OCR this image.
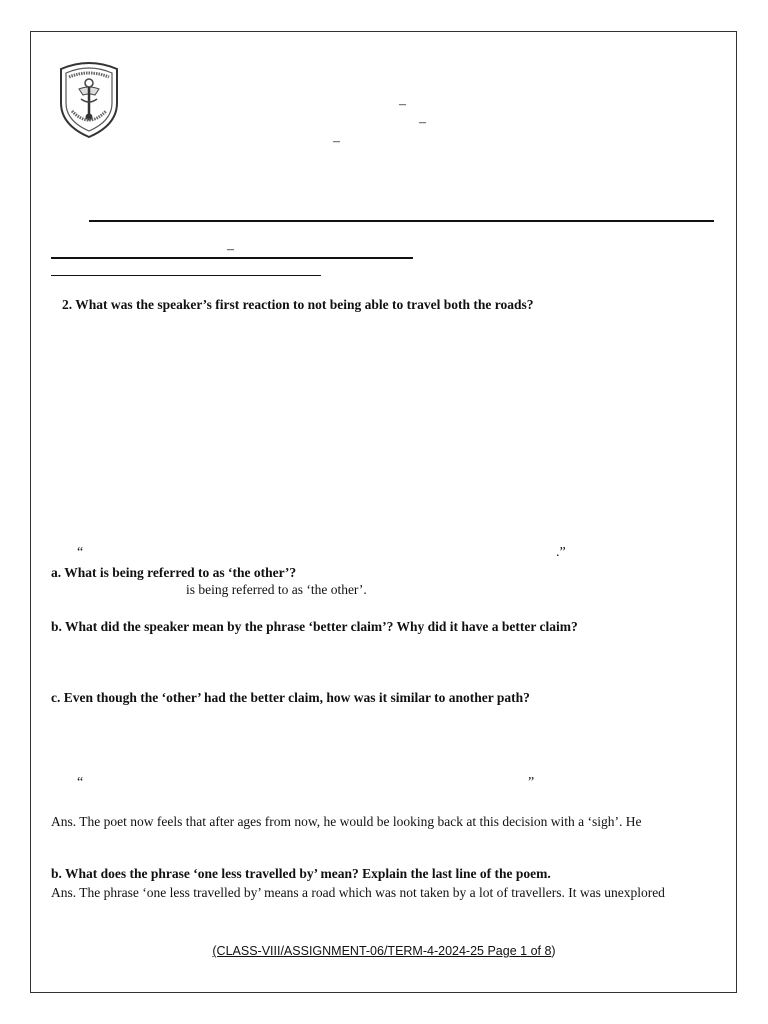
–
–
–
–
2. What was the speaker’s first reaction to not being able to travel both the roads?
“	.”
a. What is being referred to as ‘the other’?
is being referred to as ‘the other’.
b. What did the speaker mean by the phrase ‘better claim’? Why did it have a better claim?
c. Even though the ‘other’ had the better claim, how was it similar to another path?
“	”
Ans. The poet now feels that after ages from now, he would be looking back at this decision with a ‘sigh’. He
b. What does the phrase ‘one less travelled by’ mean? Explain the last line of the poem.
Ans. The phrase ‘one less travelled by’ means a road which was not taken by a lot of travellers. It was unexplored
(CLASS-VIII/ASSIGNMENT-06/TERM-4-2024-25 Page 1 of 8)
